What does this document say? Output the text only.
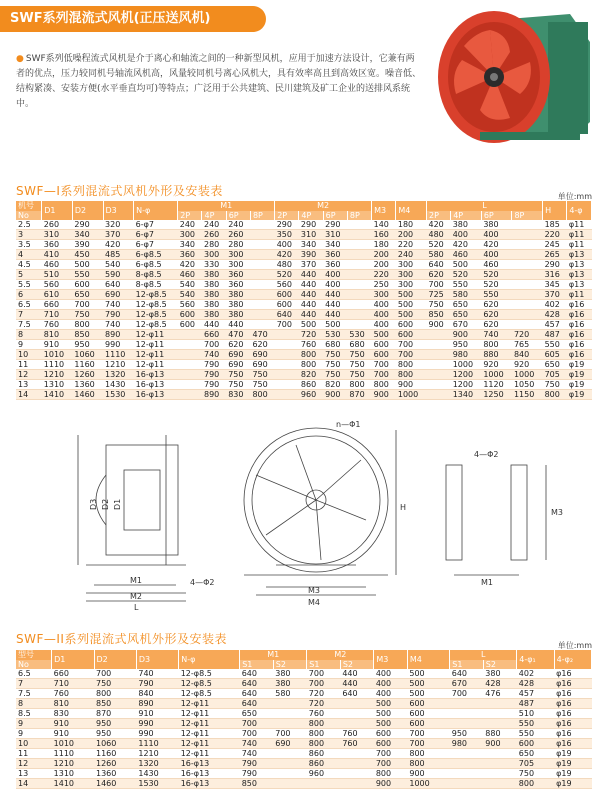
SWF系列混流式风机(正压送风机)
● SWF系列低噪程流式风机是介于离心和轴流之间的一种新型风机，应用于加速方法设计，它兼有两者的优点，压力较同机号轴流风机高，风量较同机号离心风机大，具有效率高且到高效区宽。噪音低、结构紧凑、安装方便(水平垂直均可)等特点；广泛用于公共建筑、民川建筑及矿工企业的送排风系统中。
SWF—I系列混流式风机外形及安装表	单位:mm
机号	D1	D2	D3	N-φ	M1				M2				M3	M4	L				H	4-φ
No					2P	4P	6P	8P	2P	4P	6P	8P			2P	4P	6P	8P		
2.5	260	290	320	6-φ7	240	240	240		290	290	290		140	180	420	380	380		185	φ11
3	310	340	370	6-φ7	300	260	260		350	310	310		160	200	480	400	400		220	φ11
3.5	360	390	420	6-φ7	340	280	280		400	340	340		180	220	520	420	420		245	φ11
4	410	450	485	6-φ8.5	360	300	300		420	390	360		200	240	580	460	400		265	φ13
4.5	460	500	540	6-φ8.5	420	330	300		480	370	360		200	300	640	500	460		290	φ13
5	510	550	590	8-φ8.5	460	380	360		520	440	400		220	300	620	520	520		316	φ13
5.5	560	600	640	8-φ8.5	540	380	360		560	440	400		250	300	700	550	520		345	φ13
6	610	650	690	12-φ8.5	540	380	380		600	440	440		300	500	725	580	550		370	φ11
6.5	660	700	740	12-φ8.5	560	380	380		600	440	440		400	500	750	650	620		402	φ16
7	710	750	790	12-φ8.5	600	380	380		640	440	440		400	500	850	650	620		428	φ16
7.5	760	800	740	12-φ8.5	600	440	440		700	500	500		400	600	900	670	620		457	φ16
8	810	850	890	12-φ11		660	470	470		720	530	530	500	600		900	740	720	487	φ16
9	910	950	990	12-φ11		700	620	620		760	680	680	600	700		950	800	765	550	φ16
10	1010	1060	1110	12-φ11		740	690	690		800	750	750	600	700		980	880	840	605	φ16
11	1110	1160	1210	12-φ11		790	690	690		800	750	750	700	800		1000	920	920	650	φ19
12	1210	1260	1320	16-φ13		790	750	750		820	750	750	700	800		1200	1000	1000	705	φ19
13	1310	1360	1430	16-φ13		790	750	750		860	820	800	800	900		1200	1120	1050	750	φ19
14	1410	1460	1530	16-φ13		890	830	800		960	900	870	900	1000		1340	1250	1150	800	φ19
D3 D2 D1
M1
M2
L
4—Φ2
n—Φ1
H
M3
M4
4—Φ2
M1
M3
SWF—II系列混流式风机外形及安装表	单位:mm
型号	D1	D2	D3	N-φ	M1		M2		M3	M4	L		4-φ₁	4-φ₂
No					S1	S2	S1	S2			S1	S2		
6.5	660	700	740	12-φ8.5	640	380	700	440	400	500	640	380	402	φ16
7	710	750	790	12-φ8.5	640	380	700	440	400	500	670	428	428	φ16
7.5	760	800	840	12-φ8.5	640	580	720	640	400	500	700	476	457	φ16
8	810	850	890	12-φ11	640		720		500	600			487	φ16
8.5	830	870	910	12-φ11	650		760		500	600			510	φ16
9	910	950	990	12-φ11	700		800		500	600			550	φ16
9	910	950	990	12-φ11	700	700	800	760	600	700	950	880	550	φ16
10	1010	1060	1110	12-φ11	740	690	800	760	600	700	980	900	600	φ16
11	1110	1160	1210	12-φ11	740		860		700	800			650	φ19
12	1210	1260	1320	16-φ13	790		860		700	800			705	φ19
13	1310	1360	1430	16-φ13	790		960		800	900			750	φ19
14	1410	1460	1530	16-φ13	850				900	1000			800	φ19
